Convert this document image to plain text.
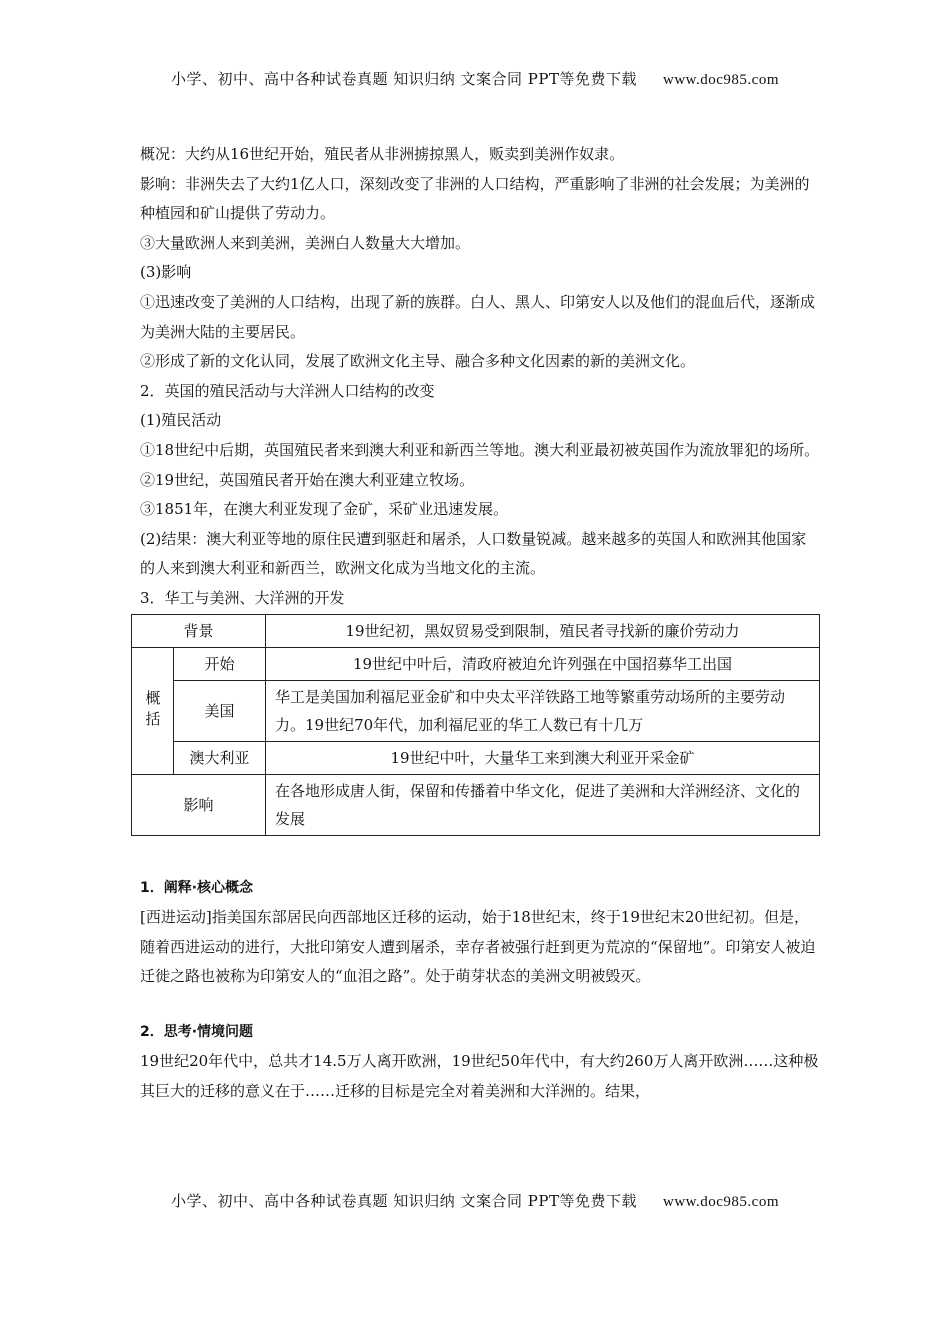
小学、初中、高中各种试卷真题 知识归纳 文案合同 PPT等免费下载 www.doc985.com

概况：大约从16世纪开始，殖民者从非洲掳掠黑人，贩卖到美洲作奴隶。

影响：非洲失去了大约1亿人口，深刻改变了非洲的人口结构，严重影响了非洲的社会发展；为美洲的种植园和矿山提供了劳动力。

③大量欧洲人来到美洲，美洲白人数量大大增加。

(3)影响

①迅速改变了美洲的人口结构，出现了新的族群。白人、黑人、印第安人以及他们的混血后代，逐渐成为美洲大陆的主要居民。

②形成了新的文化认同，发展了欧洲文化主导、融合多种文化因素的新的美洲文化。

2．英国的殖民活动与大洋洲人口结构的改变

(1)殖民活动

①18世纪中后期，英国殖民者来到澳大利亚和新西兰等地。澳大利亚最初被英国作为流放罪犯的场所。

②19世纪，英国殖民者开始在澳大利亚建立牧场。

③1851年，在澳大利亚发现了金矿，采矿业迅速发展。

(2)结果：澳大利亚等地的原住民遭到驱赶和屠杀，人口数量锐减。越来越多的英国人和欧洲其他国家的人来到澳大利亚和新西兰，欧洲文化成为当地文化的主流。

3．华工与美洲、大洋洲的开发

背景		19世纪初，黑奴贸易受到限制，殖民者寻找新的廉价劳动力
概括	开始	19世纪中叶后，清政府被迫允许列强在中国招募华工出国
	美国	华工是美国加利福尼亚金矿和中央太平洋铁路工地等繁重劳动场所的主要劳动力。19世纪70年代，加利福尼亚的华工人数已有十几万
	澳大利亚	19世纪中叶，大量华工来到澳大利亚开采金矿
影响		在各地形成唐人街，保留和传播着中华文化，促进了美洲和大洋洲经济、文化的发展

1．阐释·核心概念

[西进运动]指美国东部居民向西部地区迁移的运动，始于18世纪末，终于19世纪末20世纪初。但是，随着西进运动的进行，大批印第安人遭到屠杀，幸存者被强行赶到更为荒凉的“保留地”。印第安人被迫迁徙之路也被称为印第安人的“血泪之路”。处于萌芽状态的美洲文明被毁灭。

2．思考·情境问题

19世纪20年代中，总共才14.5万人离开欧洲，19世纪50年代中，有大约260万人离开欧洲……这种极其巨大的迁移的意义在于……迁移的目标是完全对着美洲和大洋洲的。结果，

小学、初中、高中各种试卷真题 知识归纳 文案合同 PPT等免费下载 www.doc985.com
